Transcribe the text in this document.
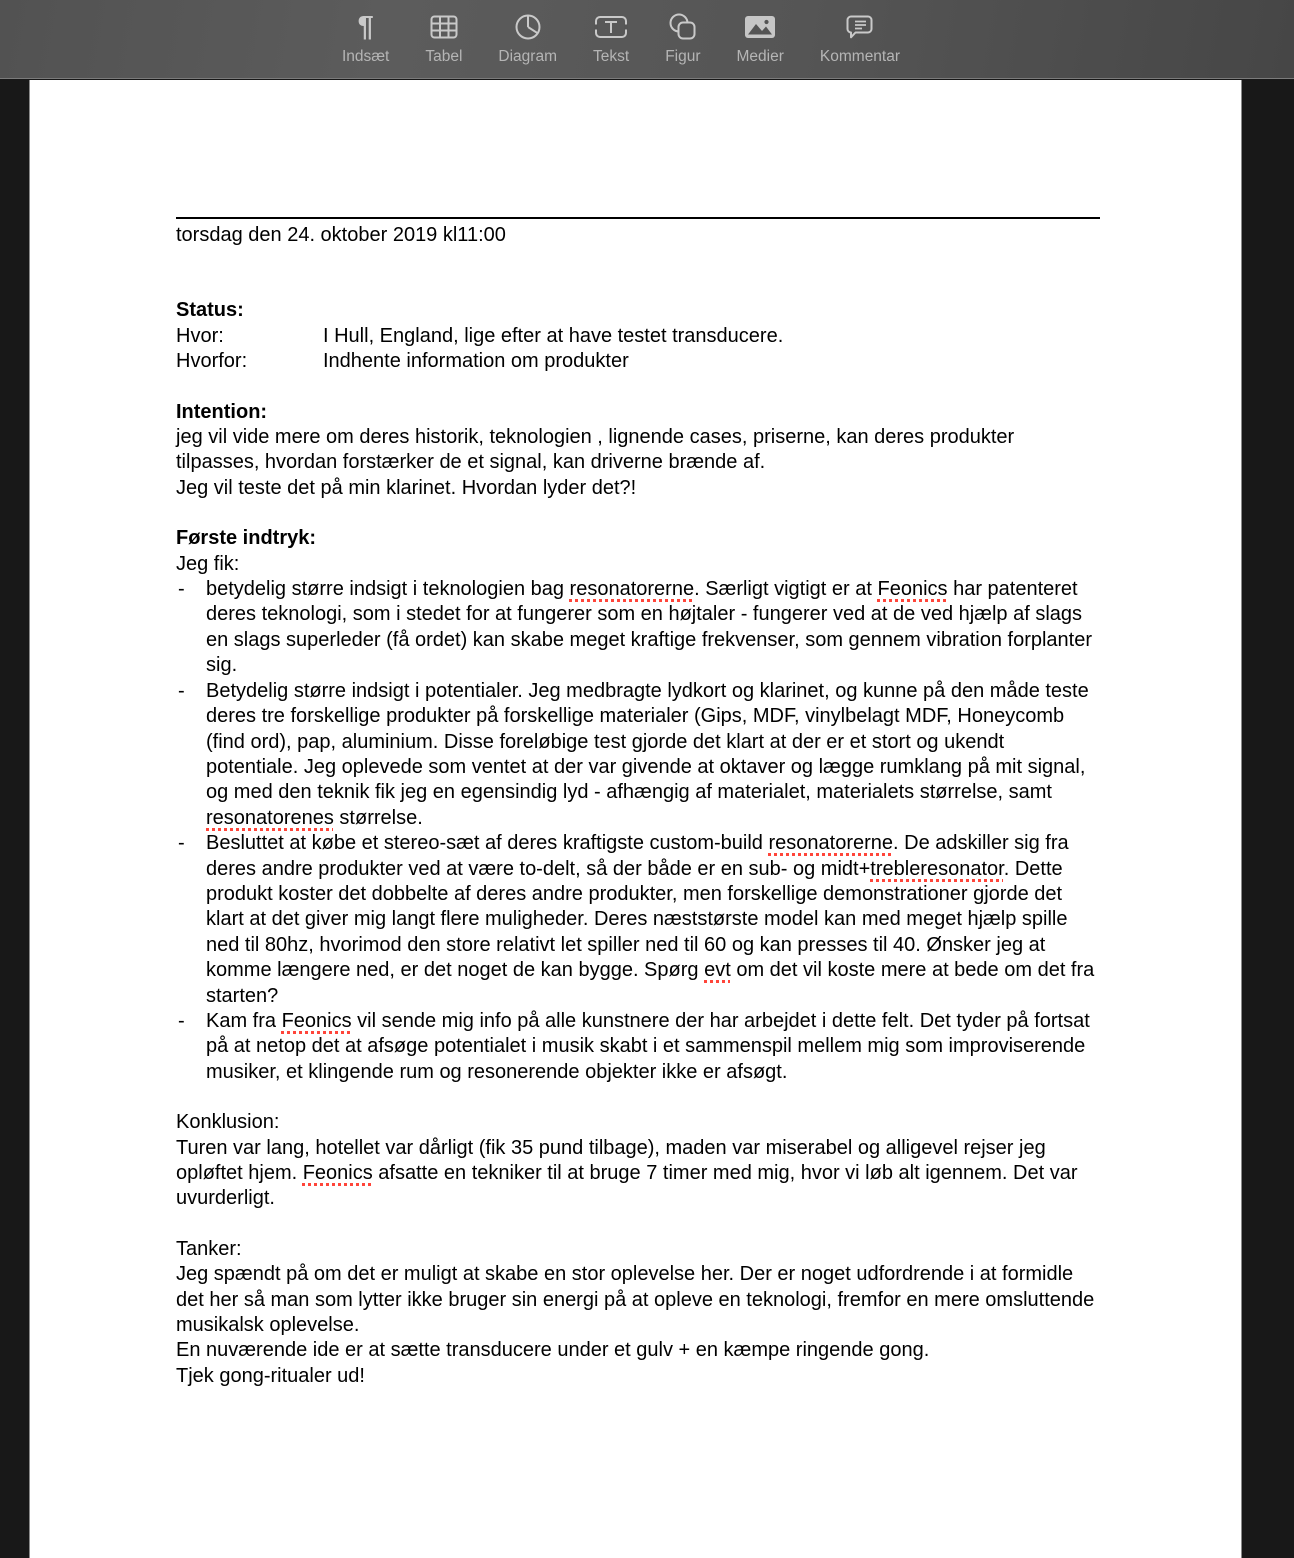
¶
Indsæt Tabel Diagram Tekst Figur Medier Kommentar
torsdag den 24. oktober 2019 kl11:00
Status:
Hvor:	I Hull, England, lige efter at have testet transducere.
Hvorfor:	Indhente information om produkter
Intention:
jeg vil vide mere om deres historik, teknologien , lignende cases, priserne, kan deres produkter tilpasses, hvordan forstærker de et signal, kan driverne brænde af.
Jeg vil teste det på min klarinet. Hvordan lyder det?!
Første indtryk:
Jeg fik:
- betydelig større indsigt i teknologien bag resonatorerne. Særligt vigtigt er at Feonics har patenteret deres teknologi, som i stedet for at fungerer som en højtaler - fungerer ved at de ved hjælp af slags en slags superleder (få ordet) kan skabe meget kraftige frekvenser, som gennem vibration forplanter sig.
- Betydelig større indsigt i potentialer. Jeg medbragte lydkort og klarinet, og kunne på den måde teste deres tre forskellige produkter på forskellige materialer (Gips, MDF, vinylbelagt MDF, Honeycomb (find ord), pap, aluminium. Disse foreløbige test gjorde det klart at der er et stort og ukendt potentiale. Jeg oplevede som ventet at der var givende at oktaver og lægge rumklang på mit signal, og med den teknik fik jeg en egensindig lyd - afhængig af materialet, materialets størrelse, samt resonatorenes størrelse.
- Besluttet at købe et stereo-sæt af deres kraftigste custom-build resonatorerne. De adskiller sig fra deres andre produkter ved at være to-delt, så der både er en sub- og midt+trebleresonator. Dette produkt koster det dobbelte af deres andre produkter, men forskellige demonstrationer gjorde det klart at det giver mig langt flere muligheder. Deres næststørste model kan med meget hjælp spille ned til 80hz, hvorimod den store relativt let spiller ned til 60 og kan presses til 40. Ønsker jeg at komme længere ned, er det noget de kan bygge. Spørg evt om det vil koste mere at bede om det fra starten?
- Kam fra Feonics vil sende mig info på alle kunstnere der har arbejdet i dette felt. Det tyder på fortsat på at netop det at afsøge potentialet i musik skabt i et sammenspil mellem mig som improviserende musiker, et klingende rum og resonerende objekter ikke er afsøgt.
Konklusion:
Turen var lang, hotellet var dårligt (fik 35 pund tilbage), maden var miserabel og alligevel rejser jeg opløftet hjem. Feonics afsatte en tekniker til at bruge 7 timer med mig, hvor vi løb alt igennem. Det var uvurderligt.
Tanker:
Jeg spændt på om det er muligt at skabe en stor oplevelse her. Der er noget udfordrende i at formidle det her så man som lytter ikke bruger sin energi på at opleve en teknologi, fremfor en mere omsluttende musikalsk oplevelse.
En nuværende ide er at sætte transducere under et gulv + en kæmpe ringende gong.
Tjek gong-ritualer ud!
